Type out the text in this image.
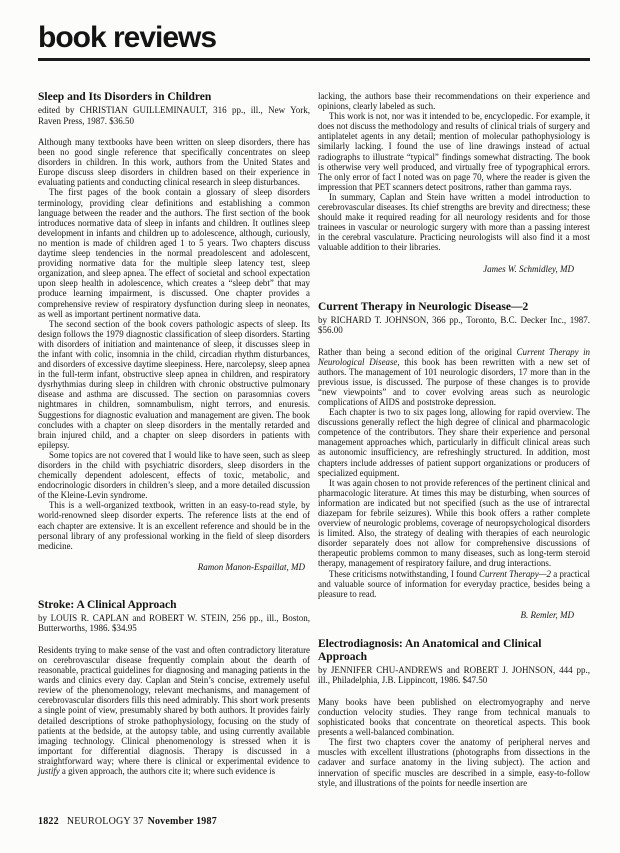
book reviews
Sleep and Its Disorders in Children

edited by CHRISTIAN GUILLEMINAULT, 316 pp., ill., New York, Raven Press, 1987. $36.50

Although many textbooks have been written on sleep disorders, there has been no good single reference that specifically concentrates on sleep disorders in children. In this work, authors from the United States and Europe discuss sleep disorders in children based on their experience in evaluating patients and conducting clinical research in sleep disturbances.

The first pages of the book contain a glossary of sleep disorders terminology, providing clear definitions and establishing a common language between the reader and the authors. The first section of the book introduces normative data of sleep in infants and children. It outlines sleep development in infants and children up to adolescence, although, curiously, no mention is made of children aged 1 to 5 years. Two chapters discuss daytime sleep tendencies in the normal preadolescent and adolescent, providing normative data for the multiple sleep latency test, sleep organization, and sleep apnea. The effect of societal and school expectation upon sleep health in adolescence, which creates a “sleep debt” that may produce learning impairment, is discussed. One chapter provides a comprehensive review of respiratory dysfunction during sleep in neonates, as well as important pertinent normative data.

The second section of the book covers pathologic aspects of sleep. Its design follows the 1979 diagnostic classification of sleep disorders. Starting with disorders of initiation and maintenance of sleep, it discusses sleep in the infant with colic, insomnia in the child, circadian rhythm disturbances, and disorders of excessive daytime sleepiness. Here, narcolepsy, sleep apnea in the full-term infant, obstructive sleep apnea in children, and respiratory dysrhythmias during sleep in children with chronic obstructive pulmonary disease and asthma are discussed. The section on parasomnias covers nightmares in children, somnambulism, night terrors, and enuresis. Suggestions for diagnostic evaluation and management are given. The book concludes with a chapter on sleep disorders in the mentally retarded and brain injured child, and a chapter on sleep disorders in patients with epilepsy.

Some topics are not covered that I would like to have seen, such as sleep disorders in the child with psychiatric disorders, sleep disorders in the chemically dependent adolescent, effects of toxic, metabolic, and endocrinologic disorders in children’s sleep, and a more detailed discussion of the Kleine-Levin syndrome.

This is a well-organized textbook, written in an easy-to-read style, by world-renowned sleep disorder experts. The reference lists at the end of each chapter are extensive. It is an excellent reference and should be in the personal library of any professional working in the field of sleep disorders medicine.

Ramon Manon-Espaillat, MD

Stroke: A Clinical Approach

by LOUIS R. CAPLAN and ROBERT W. STEIN, 256 pp., ill., Boston, Butterworths, 1986. $34.95

Residents trying to make sense of the vast and often contradictory literature on cerebrovascular disease frequently complain about the dearth of reasonable, practical guidelines for diagnosing and managing patients in the wards and clinics every day. Caplan and Stein’s concise, extremely useful review of the phenomenology, relevant mechanisms, and management of cerebrovascular disorders fills this need admirably. This short work presents a single point of view, presumably shared by both authors. It provides fairly detailed descriptions of stroke pathophysiology, focusing on the study of patients at the bedside, at the autopsy table, and using currently available imaging technology. Clinical phenomenology is stressed when it is important for differential diagnosis. Therapy is discussed in a straightforward way; where there is clinical or experimental evidence to justify a given approach, the authors cite it; where such evidence is

lacking, the authors base their recommendations on their experience and opinions, clearly labeled as such.

This work is not, nor was it intended to be, encyclopedic. For example, it does not discuss the methodology and results of clinical trials of surgery and antiplatelet agents in any detail; mention of molecular pathophysiology is similarly lacking. I found the use of line drawings instead of actual radiographs to illustrate “typical” findings somewhat distracting. The book is otherwise very well produced, and virtually free of typographical errors. The only error of fact I noted was on page 70, where the reader is given the impression that PET scanners detect positrons, rather than gamma rays.

In summary, Caplan and Stein have written a model introduction to cerebrovascular diseases. Its chief strengths are brevity and directness; these should make it required reading for all neurology residents and for those trainees in vascular or neurologic surgery with more than a passing interest in the cerebral vasculature. Practicing neurologists will also find it a most valuable addition to their libraries.

James W. Schmidley, MD

Current Therapy in Neurologic Disease—2

by RICHARD T. JOHNSON, 366 pp., Toronto, B.C. Decker Inc., 1987. $56.00

Rather than being a second edition of the original Current Therapy in Neurological Disease, this book has been rewritten with a new set of authors. The management of 101 neurologic disorders, 17 more than in the previous issue, is discussed. The purpose of these changes is to provide “new viewpoints” and to cover evolving areas such as neurologic complications of AIDS and poststroke depression.

Each chapter is two to six pages long, allowing for rapid overview. The discussions generally reflect the high degree of clinical and pharmacologic competence of the contributors. They share their experience and personal management approaches which, particularly in difficult clinical areas such as autonomic insufficiency, are refreshingly structured. In addition, most chapters include addresses of patient support organizations or producers of specialized equipment.

It was again chosen to not provide references of the pertinent clinical and pharmacologic literature. At times this may be disturbing, when sources of information are indicated but not specified (such as the use of intrarectal diazepam for febrile seizures). While this book offers a rather complete overview of neurologic problems, coverage of neuropsychological disorders is limited. Also, the strategy of dealing with therapies of each neurologic disorder separately does not allow for comprehensive discussions of therapeutic problems common to many diseases, such as long-term steroid therapy, management of respiratory failure, and drug interactions.

These criticisms notwithstanding, I found Current Therapy—2 a practical and valuable source of information for everyday practice, besides being a pleasure to read.

B. Remler, MD

Electrodiagnosis: An Anatomical and Clinical Approach

by JENNIFER CHU-ANDREWS and ROBERT J. JOHNSON, 444 pp., ill., Philadelphia, J.B. Lippincott, 1986. $47.50

Many books have been published on electromyography and nerve conduction velocity studies. They range from technical manuals to sophisticated books that concentrate on theoretical aspects. This book presents a well-balanced combination.

The first two chapters cover the anatomy of peripheral nerves and muscles with excellent illustrations (photographs from dissections in the cadaver and surface anatomy in the living subject). The action and innervation of specific muscles are described in a simple, easy-to-follow style, and illustrations of the points for needle insertion are

1822 NEUROLOGY 37 November 1987
